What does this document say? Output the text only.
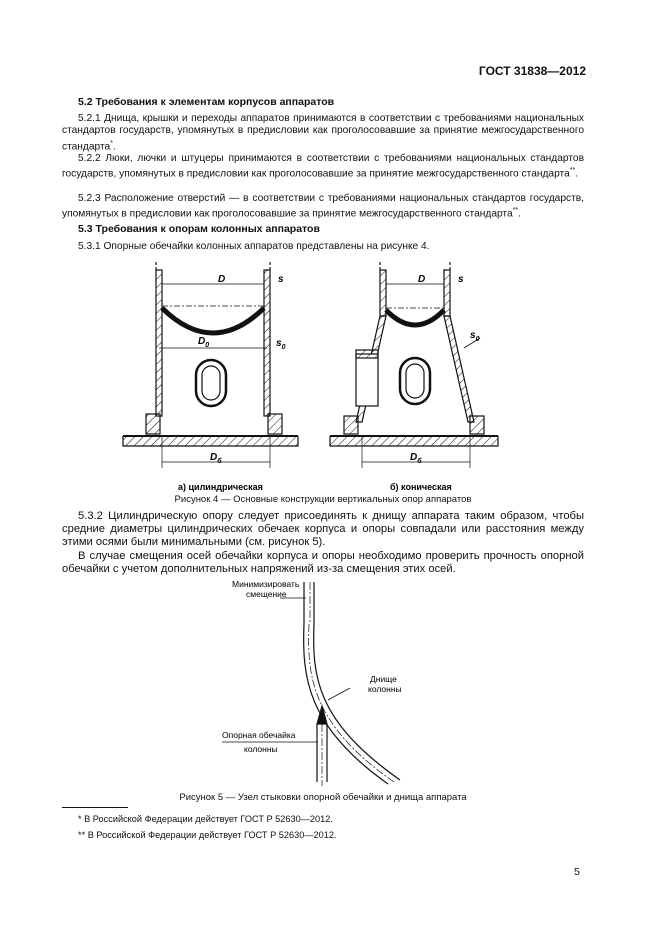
ГОСТ 31838—2012
5.2 Требования к элементам корпусов аппаратов
5.2.1 Днища, крышки и переходы аппаратов принимаются в соответствии с требованиями национальных стандартов государств, упомянутых в предисловии как проголосовавшие за принятие межгосударственного стандарта*.
5.2.2 Люки, лючки и штуцеры принимаются в соответствии с требованиями национальных стандартов государств, упомянутых в предисловии как проголосовавшие за принятие межгосударственного стандарта**.
5.2.3 Расположение отверстий — в соответствии с требованиями национальных стандартов государств, упомянутых в предисловии как проголосовавшие за принятие межгосударственного стандарта**.
5.3 Требования к опорам колонных аппаратов
5.3.1 Опорные обечайки колонных аппаратов представлены на рисунке 4.
D	s
$D_0$	$s_0$
$D_б$
а) цилиндрическая
D	s
$s_0$
$D_б$
б) коническая
Рисунок 4 — Основные конструкции вертикальных опор аппаратов
5.3.2 Цилиндрическую опору следует присоединять к днищу аппарата таким образом, чтобы средние диаметры цилиндрических обечаек корпуса и опоры совпадали или расстояния между этими осями были минимальными (см. рисунок 5).
В случае смещения осей обечайки корпуса и опоры необходимо проверить прочность опорной обечайки с учетом дополнительных напряжений из-за смещения этих осей.
Минимизировать
смещение
Днище
колонны
Опорная обечайка
колонны
Рисунок 5 — Узел стыковки опорной обечайки и днища аппарата
* В Российской Федерации действует ГОСТ Р 52630—2012.
** В Российской Федерации действует ГОСТ Р 52630—2012.
5
